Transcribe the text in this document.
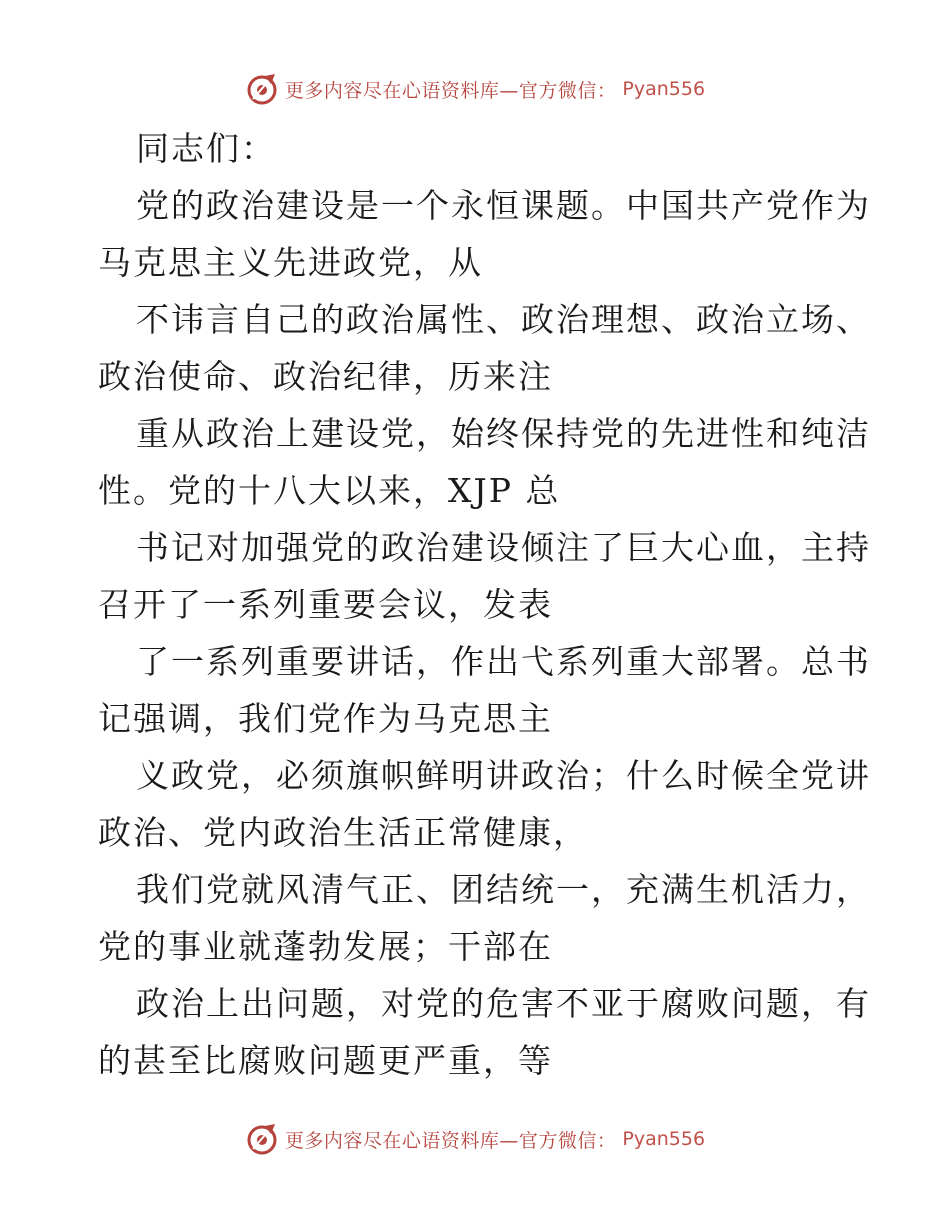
更多内容尽在心语资料库—官方微信： Pyan556
同志们：
党的政治建设是一个永恒课题。中国共产党作为
马克思主义先进政党，从
不讳言自己的政治属性、政治理想、政治立场、
政治使命、政治纪律，历来注
重从政治上建设党，始终保持党的先进性和纯洁
性。党的十八大以来，XJP 总
书记对加强党的政治建设倾注了巨大心血，主持
召开了一系列重要会议，发表
了一系列重要讲话，作出弋系列重大部署。总书
记强调，我们党作为马克思主
义政党，必须旗帜鲜明讲政治；什么时候全党讲
政治、党内政治生活正常健康，
我们党就风清气正、团结统一，充满生机活力，
党的事业就蓬勃发展；干部在
政治上出问题，对党的危害不亚于腐败问题，有
的甚至比腐败问题更严重，等
更多内容尽在心语资料库—官方微信： Pyan556
